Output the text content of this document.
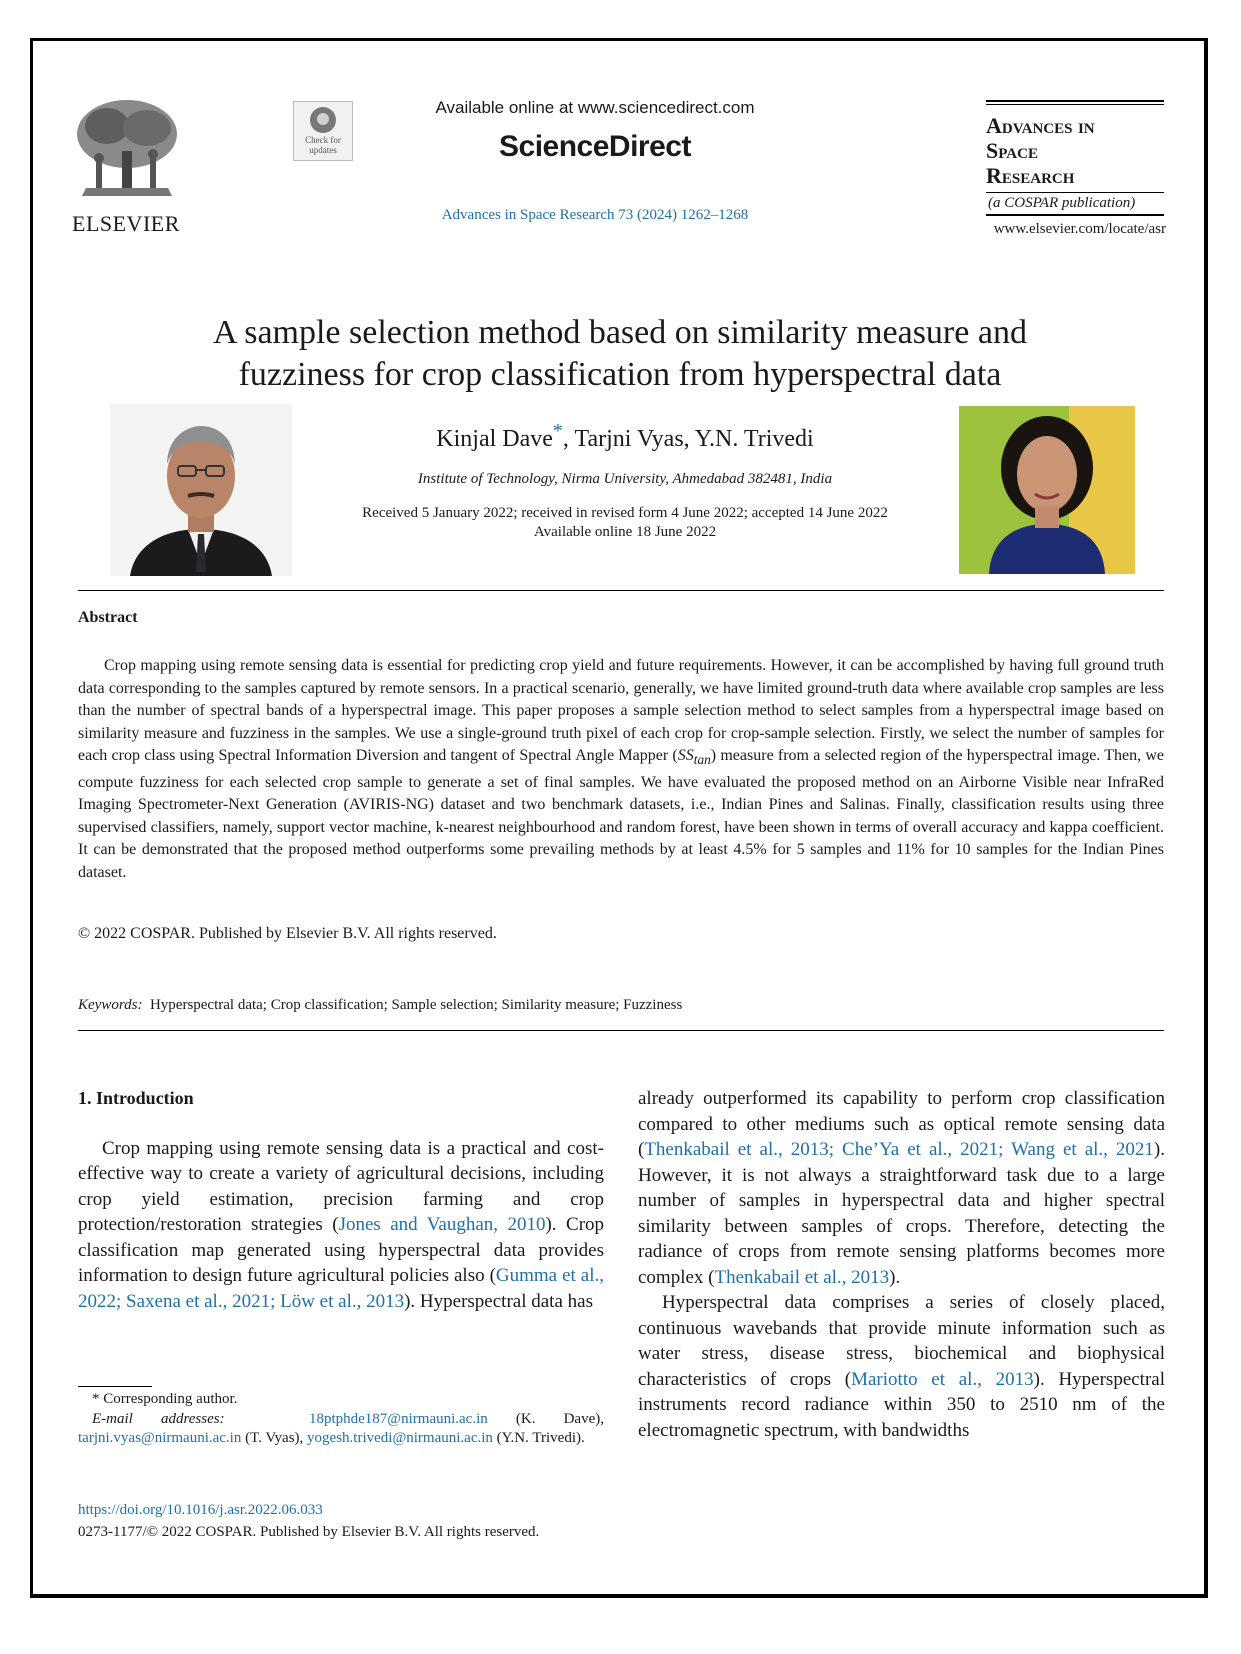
ELSEVIER
Check for updates
Available online at www.sciencedirect.com
ScienceDirect
Advances in Space Research 73 (2024) 1262–1268
Advances in
Space
Research
(a COSPAR publication)
www.elsevier.com/locate/asr
A sample selection method based on similarity measure and
fuzziness for crop classification from hyperspectral data
Kinjal Dave*, Tarjni Vyas, Y.N. Trivedi
Institute of Technology, Nirma University, Ahmedabad 382481, India
Received 5 January 2022; received in revised form 4 June 2022; accepted 14 June 2022
Available online 18 June 2022
Abstract

Crop mapping using remote sensing data is essential for predicting crop yield and future requirements. However, it can be accomplished by having full ground truth data corresponding to the samples captured by remote sensors. In a practical scenario, generally, we have limited ground-truth data where available crop samples are less than the number of spectral bands of a hyperspectral image. This paper proposes a sample selection method to select samples from a hyperspectral image based on similarity measure and fuzziness in the samples. We use a single-ground truth pixel of each crop for crop-sample selection. Firstly, we select the number of samples for each crop class using Spectral Information Diversion and tangent of Spectral Angle Mapper $(SS_{tan})$ measure from a selected region of the hyperspectral image. Then, we compute fuzziness for each selected crop sample to generate a set of final samples. We have evaluated the proposed method on an Airborne Visible near InfraRed Imaging Spectrometer-Next Generation (AVIRIS-NG) dataset and two benchmark datasets, i.e., Indian Pines and Salinas. Finally, classification results using three supervised classifiers, namely, support vector machine, k-nearest neighbourhood and random forest, have been shown in terms of overall accuracy and kappa coefficient. It can be demonstrated that the proposed method outperforms some prevailing methods by at least 4.5% for 5 samples and 11% for 10 samples for the Indian Pines dataset.

© 2022 COSPAR. Published by Elsevier B.V. All rights reserved.
Keywords: Hyperspectral data; Crop classification; Sample selection; Similarity measure; Fuzziness
1. Introduction

Crop mapping using remote sensing data is a practical and cost-effective way to create a variety of agricultural decisions, including crop yield estimation, precision farming and crop protection/restoration strategies (Jones and Vaughan, 2010). Crop classification map generated using hyperspectral data provides information to design future agricultural policies also (Gumma et al., 2022; Saxena et al., 2021; Löw et al., 2013). Hyperspectral data has

* Corresponding author.
E-mail addresses:	18ptphde187@nirmauni.ac.in (K. Dave), tarjni.vyas@nirmauni.ac.in (T. Vyas), yogesh.trivedi@nirmauni.ac.in (Y.N. Trivedi).
https://doi.org/10.1016/j.asr.2022.06.033
0273-1177/© 2022 COSPAR. Published by Elsevier B.V. All rights reserved.

already outperformed its capability to perform crop classification compared to other mediums such as optical remote sensing data (Thenkabail et al., 2013; Che’Ya et al., 2021; Wang et al., 2021). However, it is not always a straightforward task due to a large number of samples in hyperspectral data and higher spectral similarity between samples of crops. Therefore, detecting the radiance of crops from remote sensing platforms becomes more complex (Thenkabail et al., 2013).

Hyperspectral data comprises a series of closely placed, continuous wavebands that provide minute information such as water stress, disease stress, biochemical and biophysical characteristics of crops (Mariotto et al., 2013). Hyperspectral instruments record radiance within 350 to 2510 nm of the electromagnetic spectrum, with bandwidths
